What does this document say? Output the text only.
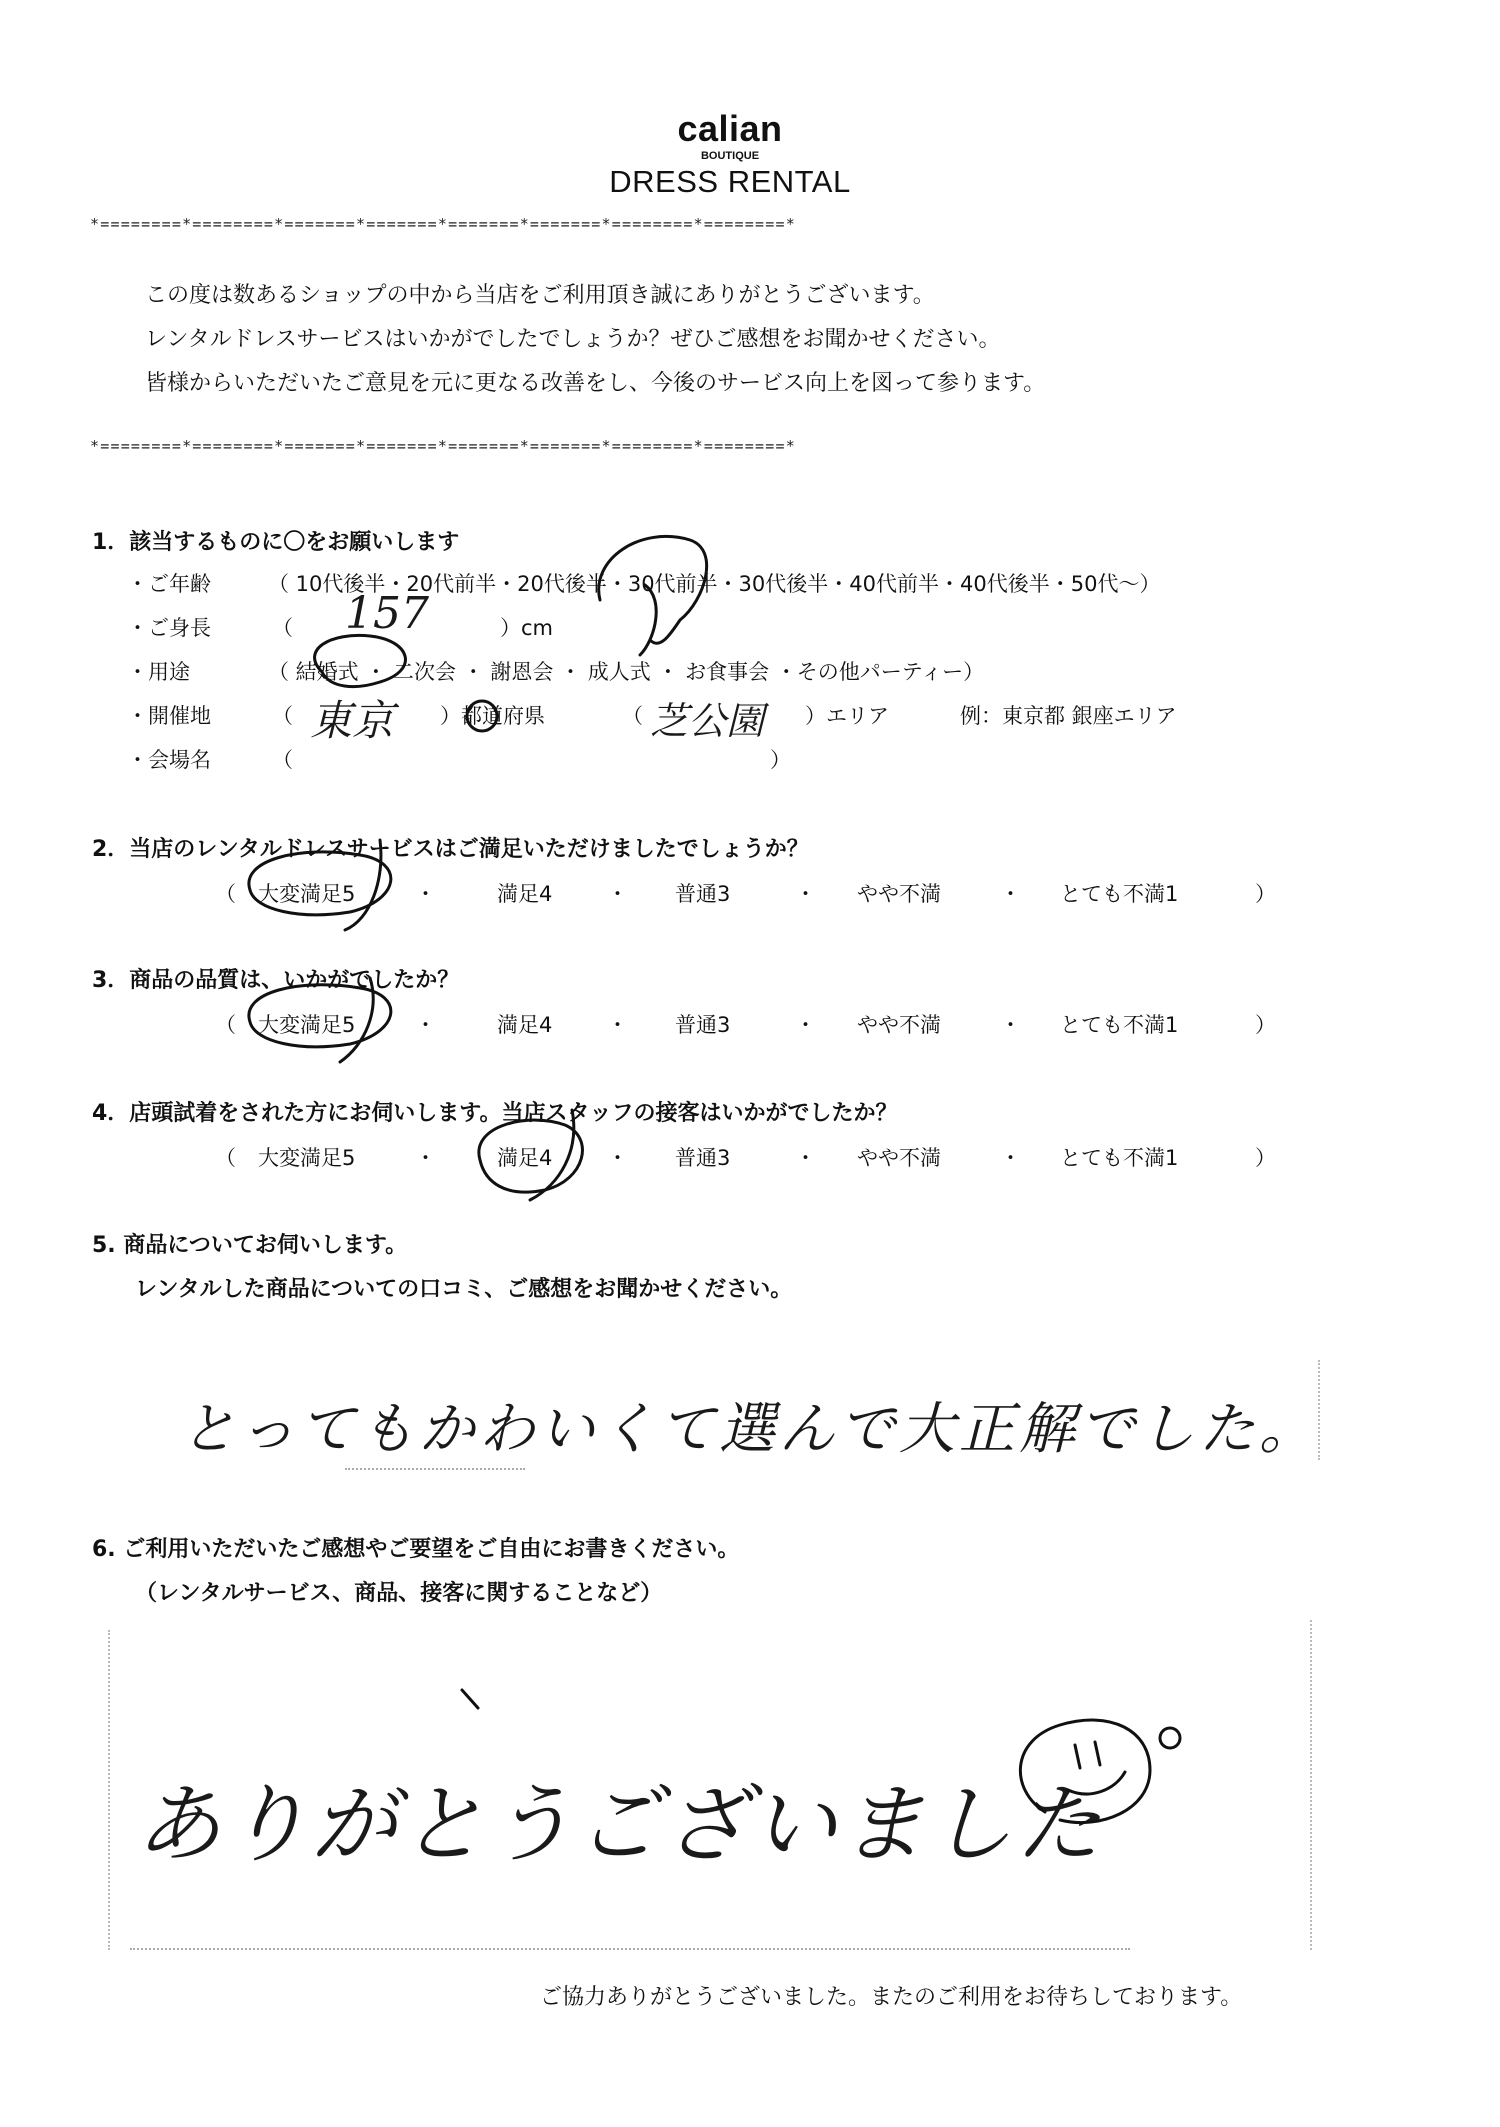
calian
BOUTIQUE
DRESS RENTAL
*========*========*=======*=======*=======*=======*========*========*
この度は数あるショップの中から当店をご利用頂き誠にありがとうございます。
レンタルドレスサービスはいかがでしたでしょうか？ぜひご感想をお聞かせください。
皆様からいただいたご意見を元に更なる改善をし、今後のサービス向上を図って参ります。
*========*========*=======*=======*=======*=======*========*========*
1．該当するものに〇をお願いします
・ご年齢	（ 10代後半・20代前半・20代後半・30代前半・30代後半・40代前半・40代後半・50代〜）
・ご身長	（ 157	）cm
・用途	（ 結婚式 ・ 二次会 ・ 謝恩会 ・ 成人式 ・ お食事会 ・その他パーティー）
・開催地	（ 東京 ）都道府県	（ 芝公園 ）エリア	例：東京都 銀座エリア
・会場名	（	）
2．当店のレンタルドレスサービスはご満足いただけましたでしょうか？
（ 大変満足5	・	満足4	・ 普通3	・ やや不満	・ とても不満1	）
3．商品の品質は、いかがでしたか？
（ 大変満足5	・	満足4	・ 普通3	・ やや不満	・ とても不満1	）
4．店頭試着をされた方にお伺いします。当店スタッフの接客はいかがでしたか？
（ 大変満足5	・	満足4	・ 普通3	・ やや不満	・ とても不満1	）
5. 商品についてお伺いします。
レンタルした商品についての口コミ、ご感想をお聞かせください。
とってもかわいくて選んで大正解でした。
6. ご利用いただいたご感想やご要望をご自由にお書きください。
（レンタルサービス、商品、接客に関することなど）
ありがとうございました
ご協力ありがとうございました。またのご利用をお待ちしております。
